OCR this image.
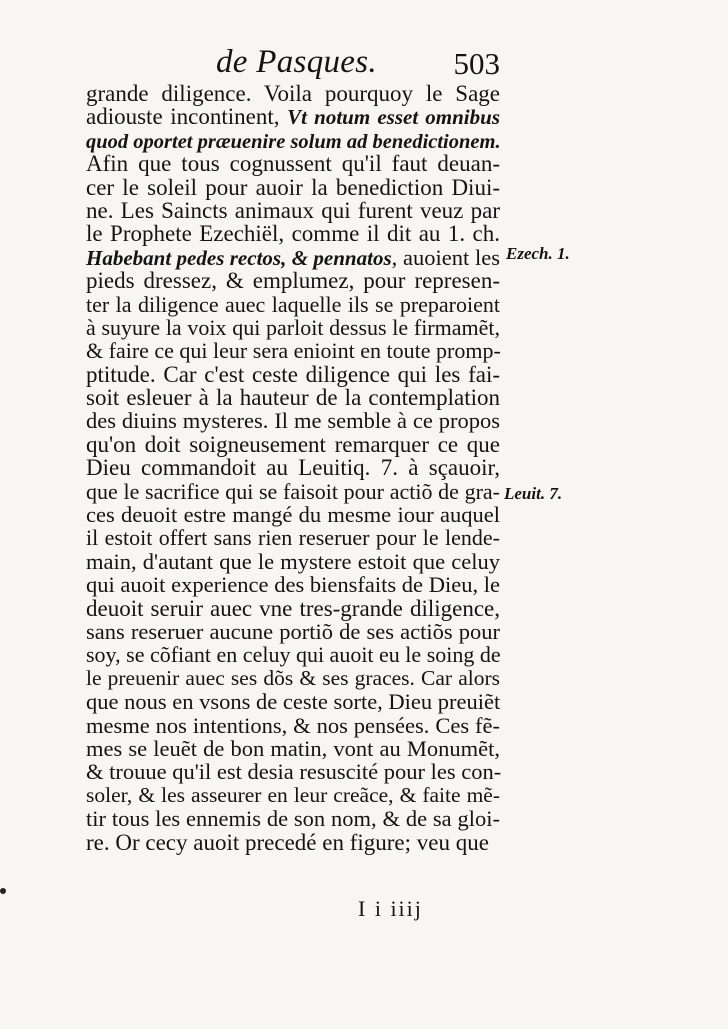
de Pasques. 503
grande diligence. Voila pourquoy le Sage
adiouste incontinent, Vt notum esset omnibus
quod oportet præuenire solum ad benedictionem.
Afin que tous cognussent qu'il faut deuan-
cer le soleil pour auoir la benediction Diui-
ne. Les Saincts animaux qui furent veuz par
le Prophete Ezechiël, comme il dit au 1. ch.
Habebant pedes rectos, & pennatos, auoient les
pieds dressez, & emplumez, pour represen-
ter la diligence auec laquelle ils se preparoient
à suyure la voix qui parloit dessus le firmamẽt,
& faire ce qui leur sera enioint en toute promp-
ptitude. Car c'est ceste diligence qui les fai-
soit esleuer à la hauteur de la contemplation
des diuins mysteres. Il me semble à ce propos
qu'on doit soigneusement remarquer ce que
Dieu commandoit au Leuitiq. 7. à sçauoir,
que le sacrifice qui se faisoit pour actiõ de gra-
ces deuoit estre mangé du mesme iour auquel
il estoit offert sans rien reseruer pour le lende-
main, d'autant que le mystere estoit que celuy
qui auoit experience des biensfaits de Dieu, le
deuoit seruir auec vne tres-grande diligence,
sans reseruer aucune portiõ de ses actiõs pour
soy, se cõfiant en celuy qui auoit eu le soing de
le preuenir auec ses dõs & ses graces. Car alors
que nous en vsons de ceste sorte, Dieu preuiẽt
mesme nos intentions, & nos pensées. Ces fẽ-
mes se leuẽt de bon matin, vont au Monumẽt,
& trouue qu'il est desia resuscité pour les con-
soler, & les asseurer en leur creãce, & faite mẽ-
tir tous les ennemis de son nom, & de sa gloi-
re. Or cecy auoit precedé en figure; veu que
Ezech. 1.
Leuit. 7.
I i iiij
